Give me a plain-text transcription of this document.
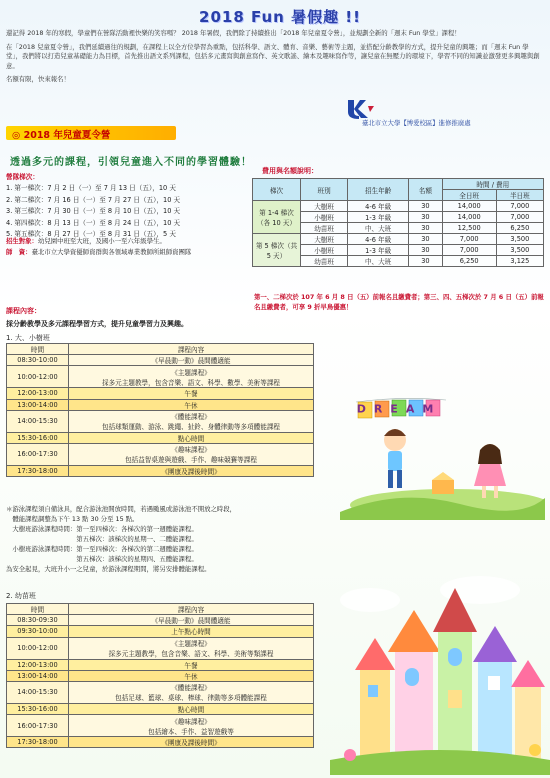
2018 Fun 暑假趣 !!

還記得 2018 年的寒假，學童們在營隊活動裡快樂的笑容嗎？ 2018 年暑假，我們除了持續推出「2018 年兒童夏令營」，並規劃全新的「週末 Fun 學堂」課程！

在「2018 兒童夏令營」，我們延續過往的規劃，在課程上以全方位學習為重點，包括科學、語文、體育、音樂、藝術等主題，並搭配分齡教學的方式，提升兒童的興趣；而「週末 Fun 學堂」，我們將以打造兒童基礎能力為目標，首先推出語文系列課程，包括多元畫寫與創意寫作、英文歌謠、繪本及趣味寫作等，讓兒童在無壓力的環境下，學習不同的知識並激發更多興趣與創意。

名額有限，快來報名！

臺北市立大學【博愛校區】進修推廣處
◎ 2018 年兒童夏令營
透過多元的課程，引領兒童進入不同的學習體驗！
營隊梯次：
1. 第一梯次：7 月 2 日（一）至 7 月 13 日（五），10 天
2. 第二梯次：7 月 16 日（一）至 7 月 27 日（五），10 天
3. 第三梯次：7 月 30 日（一）至 8 月 10 日（五），10 天
4. 第四梯次：8 月 13 日（一）至 8 月 24 日（五），10 天
5. 第五梯次：8 月 27 日（一）至 8 月 31 日（五），5 天
招生對象：幼兒園中班至大班，及國小一至六年級學生。
師　資：臺北市立大學資優師資群與各領域專業教師所組師資團隊
費用與名額說明：
梯次	班別	招生年齡	名額	時間 / 費用	
				全日班	半日班
第 1-4 梯次（各 10 天）	大樹班	4-6 年級	30	14,000	7,000
	小樹班	1-3 年級	30	14,000	7,000
	幼苗班	中、大班	30	12,500	6,250
第 5 梯次（共 5 天）	大樹班	4-6 年級	30	7,000	3,500
	小樹班	1-3 年級	30	7,000	3,500
	幼苗班	中、大班	30	6,250	3,125
第一、二梯次於 107 年 6 月 8 日（五）前報名且繳費者；第三、四、五梯次於 7 月 6 日（五）前報名且繳費者，可享 9 折早鳥優惠！
課程內容：
採分齡教學及多元課程學習方式，提升兒童學習力及興趣。
1. 大、小樹班
時間	課程內容
08:30-10:00	《早晨動一動》晨間體適能
10:00-12:00	《主題課程》
採多元主題教學，包含音樂、語文、科學、數學、美術等課程

12:00-13:00	午餐
13:00-14:00	午休
14:00-15:30	《體能課程》
包括球類運動、游泳、跳繩、扯鈴、身體律動等多項體能課程

15:30-16:00	點心時間
16:00-17:30	《趣味課程》
包括益智桌遊與遊戲、手作、趣味競賽等課程

17:30-18:00	《團康及課後時間》
＊游泳課程須自備泳具，配合游泳池開放時間，若遇颱風或游泳池不開放之時段，
　體能課程調整為下午 13 點 30 分至 15 點。
　大樹班游泳課程時間：第一至四梯次：各梯次的第一週體能課程。
　　　　　　　　　　　第五梯次：該梯次的星期一、二體能課程。
　小樹班游泳課程時間：第一至四梯次：各梯次的第二週體能課程。
　　　　　　　　　　　第五梯次：該梯次的星期四、五體能課程。
為安全起見，大班升小一之兒童，於游泳課程期間，將另安排體能課程。
2. 幼苗班
時間	課程內容
08:30-09:30	《早晨動一動》晨間體適能
09:30-10:00	上午點心時間
10:00-12:00	《主題課程》
採多元主題教學，包含音樂、語文、科學、美術等類課程

12:00-13:00	午餐
13:00-14:00	午休
14:00-15:30	《體能課程》
包括足球、籃球、桌球、棒球、律動等多項體能課程

15:30-16:00	點心時間
16:00-17:30	《趣味課程》
包括繪本、手作、益智遊戲等

17:30-18:00	《團康及課後時間》
DREAM
